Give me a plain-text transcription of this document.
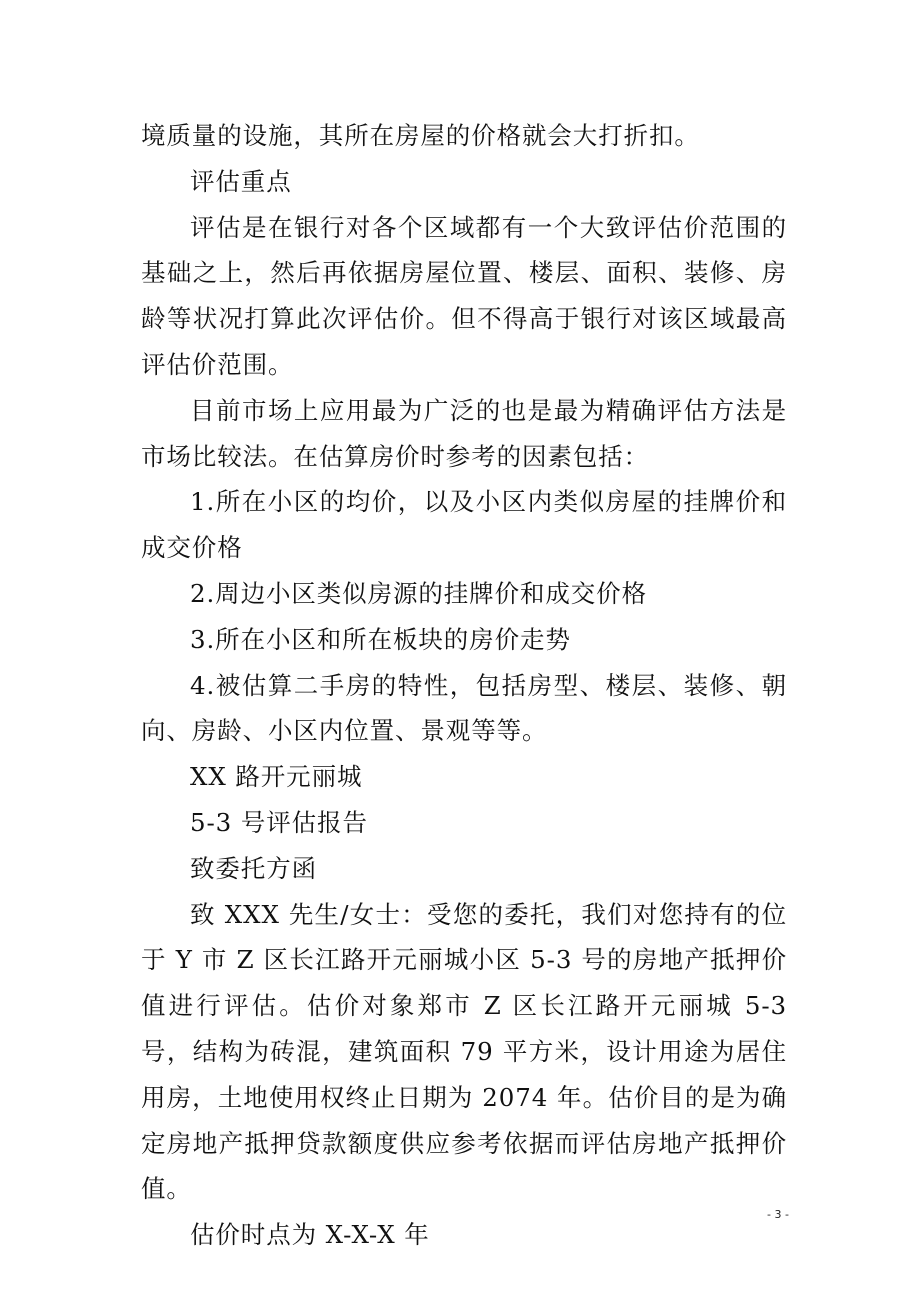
境质量的设施，其所在房屋的价格就会大打折扣。

评估重点

评估是在银行对各个区域都有一个大致评估价范围的基础之上，然后再依据房屋位置、楼层、面积、装修、房龄等状况打算此次评估价。但不得高于银行对该区域最高评估价范围。

目前市场上应用最为广泛的也是最为精确评估方法是市场比较法。在估算房价时参考的因素包括：

1.所在小区的均价，以及小区内类似房屋的挂牌价和成交价格

2.周边小区类似房源的挂牌价和成交价格

3.所在小区和所在板块的房价走势

4.被估算二手房的特性，包括房型、楼层、装修、朝向、房龄、小区内位置、景观等等。

XX 路开元丽城

5-3 号评估报告

致委托方函

致 XXX 先生/女士：受您的委托，我们对您持有的位于 Y 市 Z 区长江路开元丽城小区 5-3 号的房地产抵押价值进行评估。估价对象郑市 Z 区长江路开元丽城 5-3 号，结构为砖混，建筑面积 79 平方米，设计用途为居住用房，土地使用权终止日期为 2074 年。估价目的是为确定房地产抵押贷款额度供应参考依据而评估房地产抵押价值。

估价时点为 X-X-X 年

- 3 -
